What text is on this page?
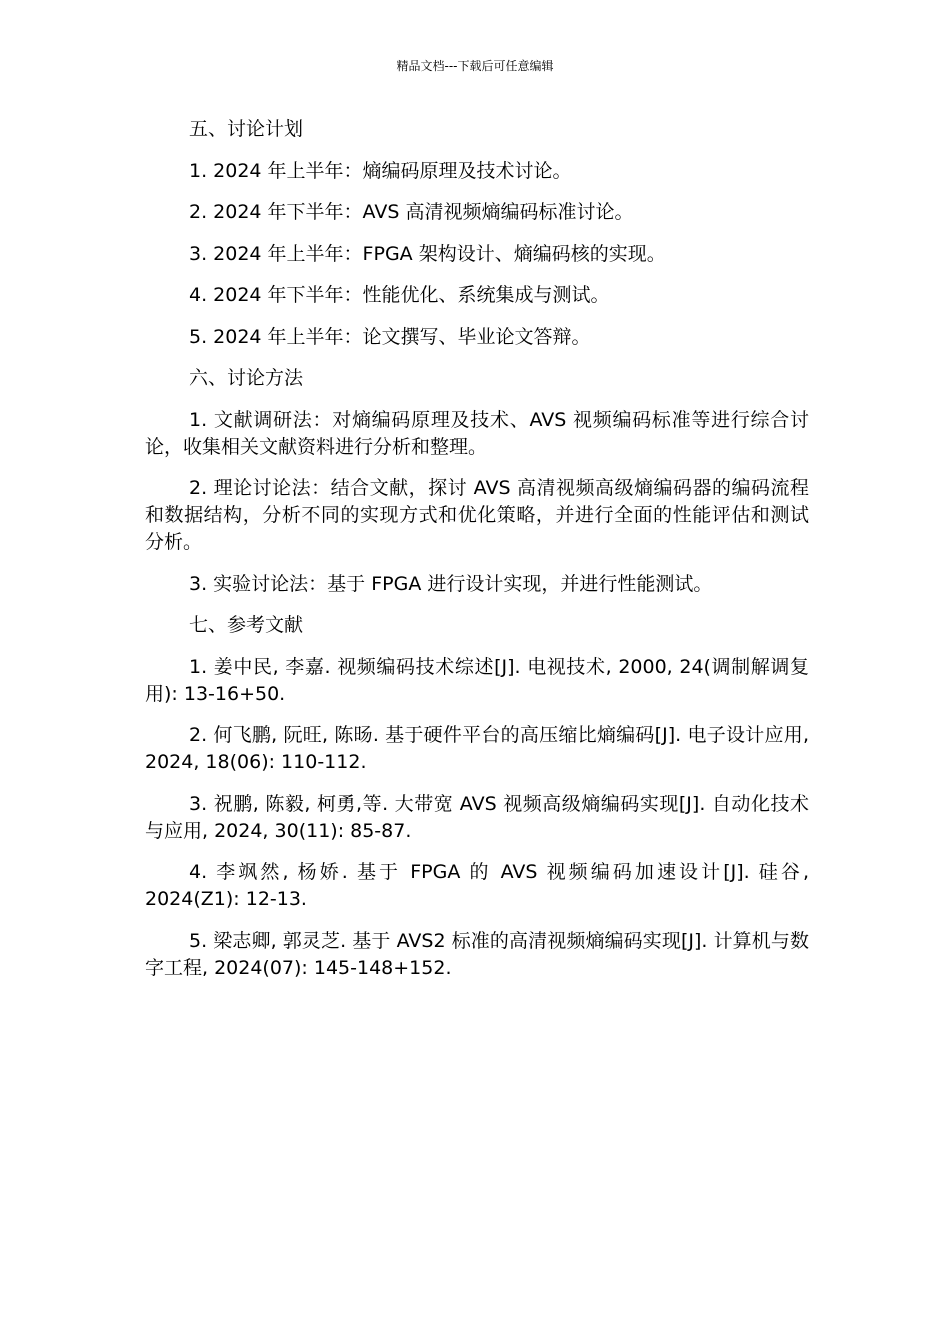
精品文档---下载后可任意编辑

五、讨论计划

1. 2024 年上半年：熵编码原理及技术讨论。

2. 2024 年下半年：AVS 高清视频熵编码标准讨论。

3. 2024 年上半年：FPGA 架构设计、熵编码核的实现。

4. 2024 年下半年：性能优化、系统集成与测试。

5. 2024 年上半年：论文撰写、毕业论文答辩。

六、讨论方法

1. 文献调研法：对熵编码原理及技术、AVS 视频编码标准等进行综合讨论，收集相关文献资料进行分析和整理。

2. 理论讨论法：结合文献，探讨 AVS 高清视频高级熵编码器的编码流程和数据结构，分析不同的实现方式和优化策略，并进行全面的性能评估和测试分析。

3. 实验讨论法：基于 FPGA 进行设计实现，并进行性能测试。

七、参考文献

1. 姜中民, 李嘉. 视频编码技术综述[J]. 电视技术, 2000, 24(调制解调复用): 13-16+50.

2. 何飞鹏, 阮旺, 陈旸. 基于硬件平台的高压缩比熵编码[J]. 电子设计应用, 2024, 18(06): 110-112.

3. 祝鹏, 陈毅, 柯勇,等. 大带宽 AVS 视频高级熵编码实现[J]. 自动化技术与应用, 2024, 30(11): 85-87.

4. 李飒然, 杨娇. 基于 FPGA 的 AVS 视频编码加速设计[J]. 硅谷, 2024(Z1): 12-13.

5. 梁志卿, 郭灵芝. 基于 AVS2 标准的高清视频熵编码实现[J]. 计算机与数字工程, 2024(07): 145-148+152.
